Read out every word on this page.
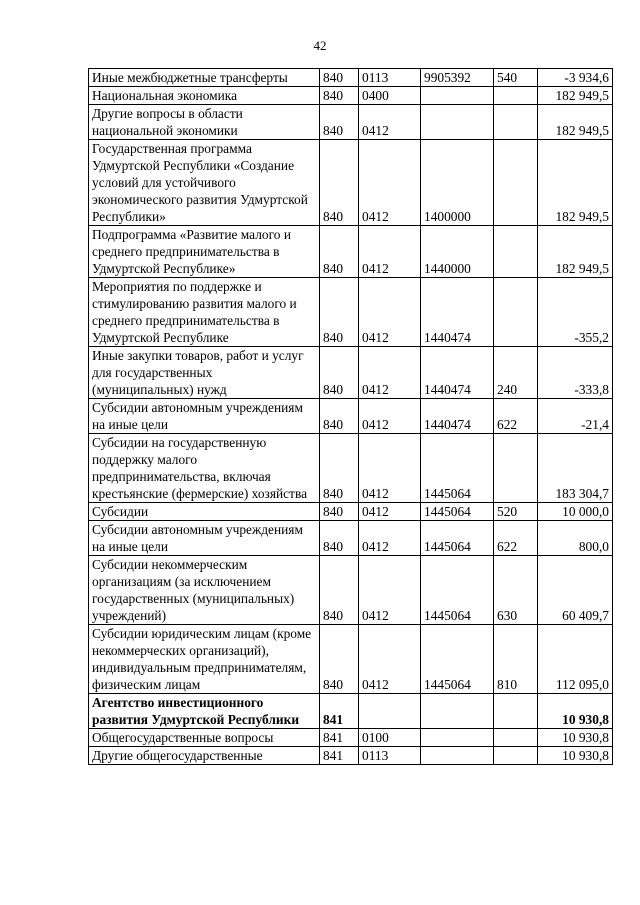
42
Иные межбюджетные трансферты	840	0113	9905392	540	-3 934,6
Национальная экономика	840	0400			182 949,5
Другие вопросы в области национальной экономики	840	0412			182 949,5
Государственная программа Удмуртской Республики «Создание условий для устойчивого экономического развития Удмуртской Республики»	840	0412	1400000		182 949,5
Подпрограмма «Развитие малого и среднего предпринимательства в Удмуртской Республике»	840	0412	1440000		182 949,5
Мероприятия по поддержке и стимулированию развития малого и среднего предпринимательства в Удмуртской Республике	840	0412	1440474		-355,2
Иные закупки товаров, работ и услуг для государственных (муниципальных) нужд	840	0412	1440474	240	-333,8
Субсидии автономным учреждениям на иные цели	840	0412	1440474	622	-21,4
Субсидии на государственную поддержку малого предпринимательства, включая крестьянские (фермерские) хозяйства	840	0412	1445064		183 304,7
Субсидии	840	0412	1445064	520	10 000,0
Субсидии автономным учреждениям на иные цели	840	0412	1445064	622	800,0
Субсидии некоммерческим организациям (за исключением государственных (муниципальных) учреждений)	840	0412	1445064	630	60 409,7
Субсидии юридическим лицам (кроме некоммерческих организаций), индивидуальным предпринимателям, физическим лицам	840	0412	1445064	810	112 095,0
Агентство инвестиционного развития Удмуртской Республики	841				10 930,8
Общегосударственные вопросы	841	0100			10 930,8
Другие общегосударственные	841	0113			10 930,8
